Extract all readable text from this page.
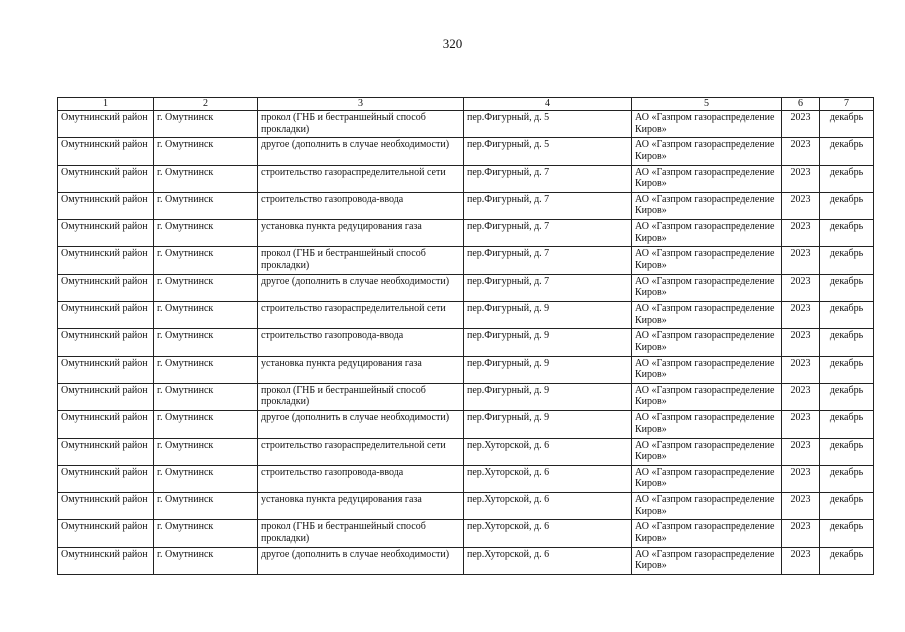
320
1	2	3	4	5	6	7
Омутнинский район	г. Омутнинск	прокол (ГНБ и бестраншейный способ прокладки)	пер.Фигурный, д. 5	АО «Газпром газораспределение Киров»	2023	декабрь
Омутнинский район	г. Омутнинск	другое (дополнить в случае необходимости)	пер.Фигурный, д. 5	АО «Газпром газораспределение Киров»	2023	декабрь
Омутнинский район	г. Омутнинск	строительство газораспределительной сети	пер.Фигурный, д. 7	АО «Газпром газораспределение Киров»	2023	декабрь
Омутнинский район	г. Омутнинск	строительство газопровода-ввода	пер.Фигурный, д. 7	АО «Газпром газораспределение Киров»	2023	декабрь
Омутнинский район	г. Омутнинск	установка пункта редуцирования газа	пер.Фигурный, д. 7	АО «Газпром газораспределение Киров»	2023	декабрь
Омутнинский район	г. Омутнинск	прокол (ГНБ и бестраншейный способ прокладки)	пер.Фигурный, д. 7	АО «Газпром газораспределение Киров»	2023	декабрь
Омутнинский район	г. Омутнинск	другое (дополнить в случае необходимости)	пер.Фигурный, д. 7	АО «Газпром газораспределение Киров»	2023	декабрь
Омутнинский район	г. Омутнинск	строительство газораспределительной сети	пер.Фигурный, д. 9	АО «Газпром газораспределение Киров»	2023	декабрь
Омутнинский район	г. Омутнинск	строительство газопровода-ввода	пер.Фигурный, д. 9	АО «Газпром газораспределение Киров»	2023	декабрь
Омутнинский район	г. Омутнинск	установка пункта редуцирования газа	пер.Фигурный, д. 9	АО «Газпром газораспределение Киров»	2023	декабрь
Омутнинский район	г. Омутнинск	прокол (ГНБ и бестраншейный способ прокладки)	пер.Фигурный, д. 9	АО «Газпром газораспределение Киров»	2023	декабрь
Омутнинский район	г. Омутнинск	другое (дополнить в случае необходимости)	пер.Фигурный, д. 9	АО «Газпром газораспределение Киров»	2023	декабрь
Омутнинский район	г. Омутнинск	строительство газораспределительной сети	пер.Хуторской, д. 6	АО «Газпром газораспределение Киров»	2023	декабрь
Омутнинский район	г. Омутнинск	строительство газопровода-ввода	пер.Хуторской, д. 6	АО «Газпром газораспределение Киров»	2023	декабрь
Омутнинский район	г. Омутнинск	установка пункта редуцирования газа	пер.Хуторской, д. 6	АО «Газпром газораспределение Киров»	2023	декабрь
Омутнинский район	г. Омутнинск	прокол (ГНБ и бестраншейный способ прокладки)	пер.Хуторской, д. 6	АО «Газпром газораспределение Киров»	2023	декабрь
Омутнинский район	г. Омутнинск	другое (дополнить в случае необходимости)	пер.Хуторской, д. 6	АО «Газпром газораспределение Киров»	2023	декабрь
